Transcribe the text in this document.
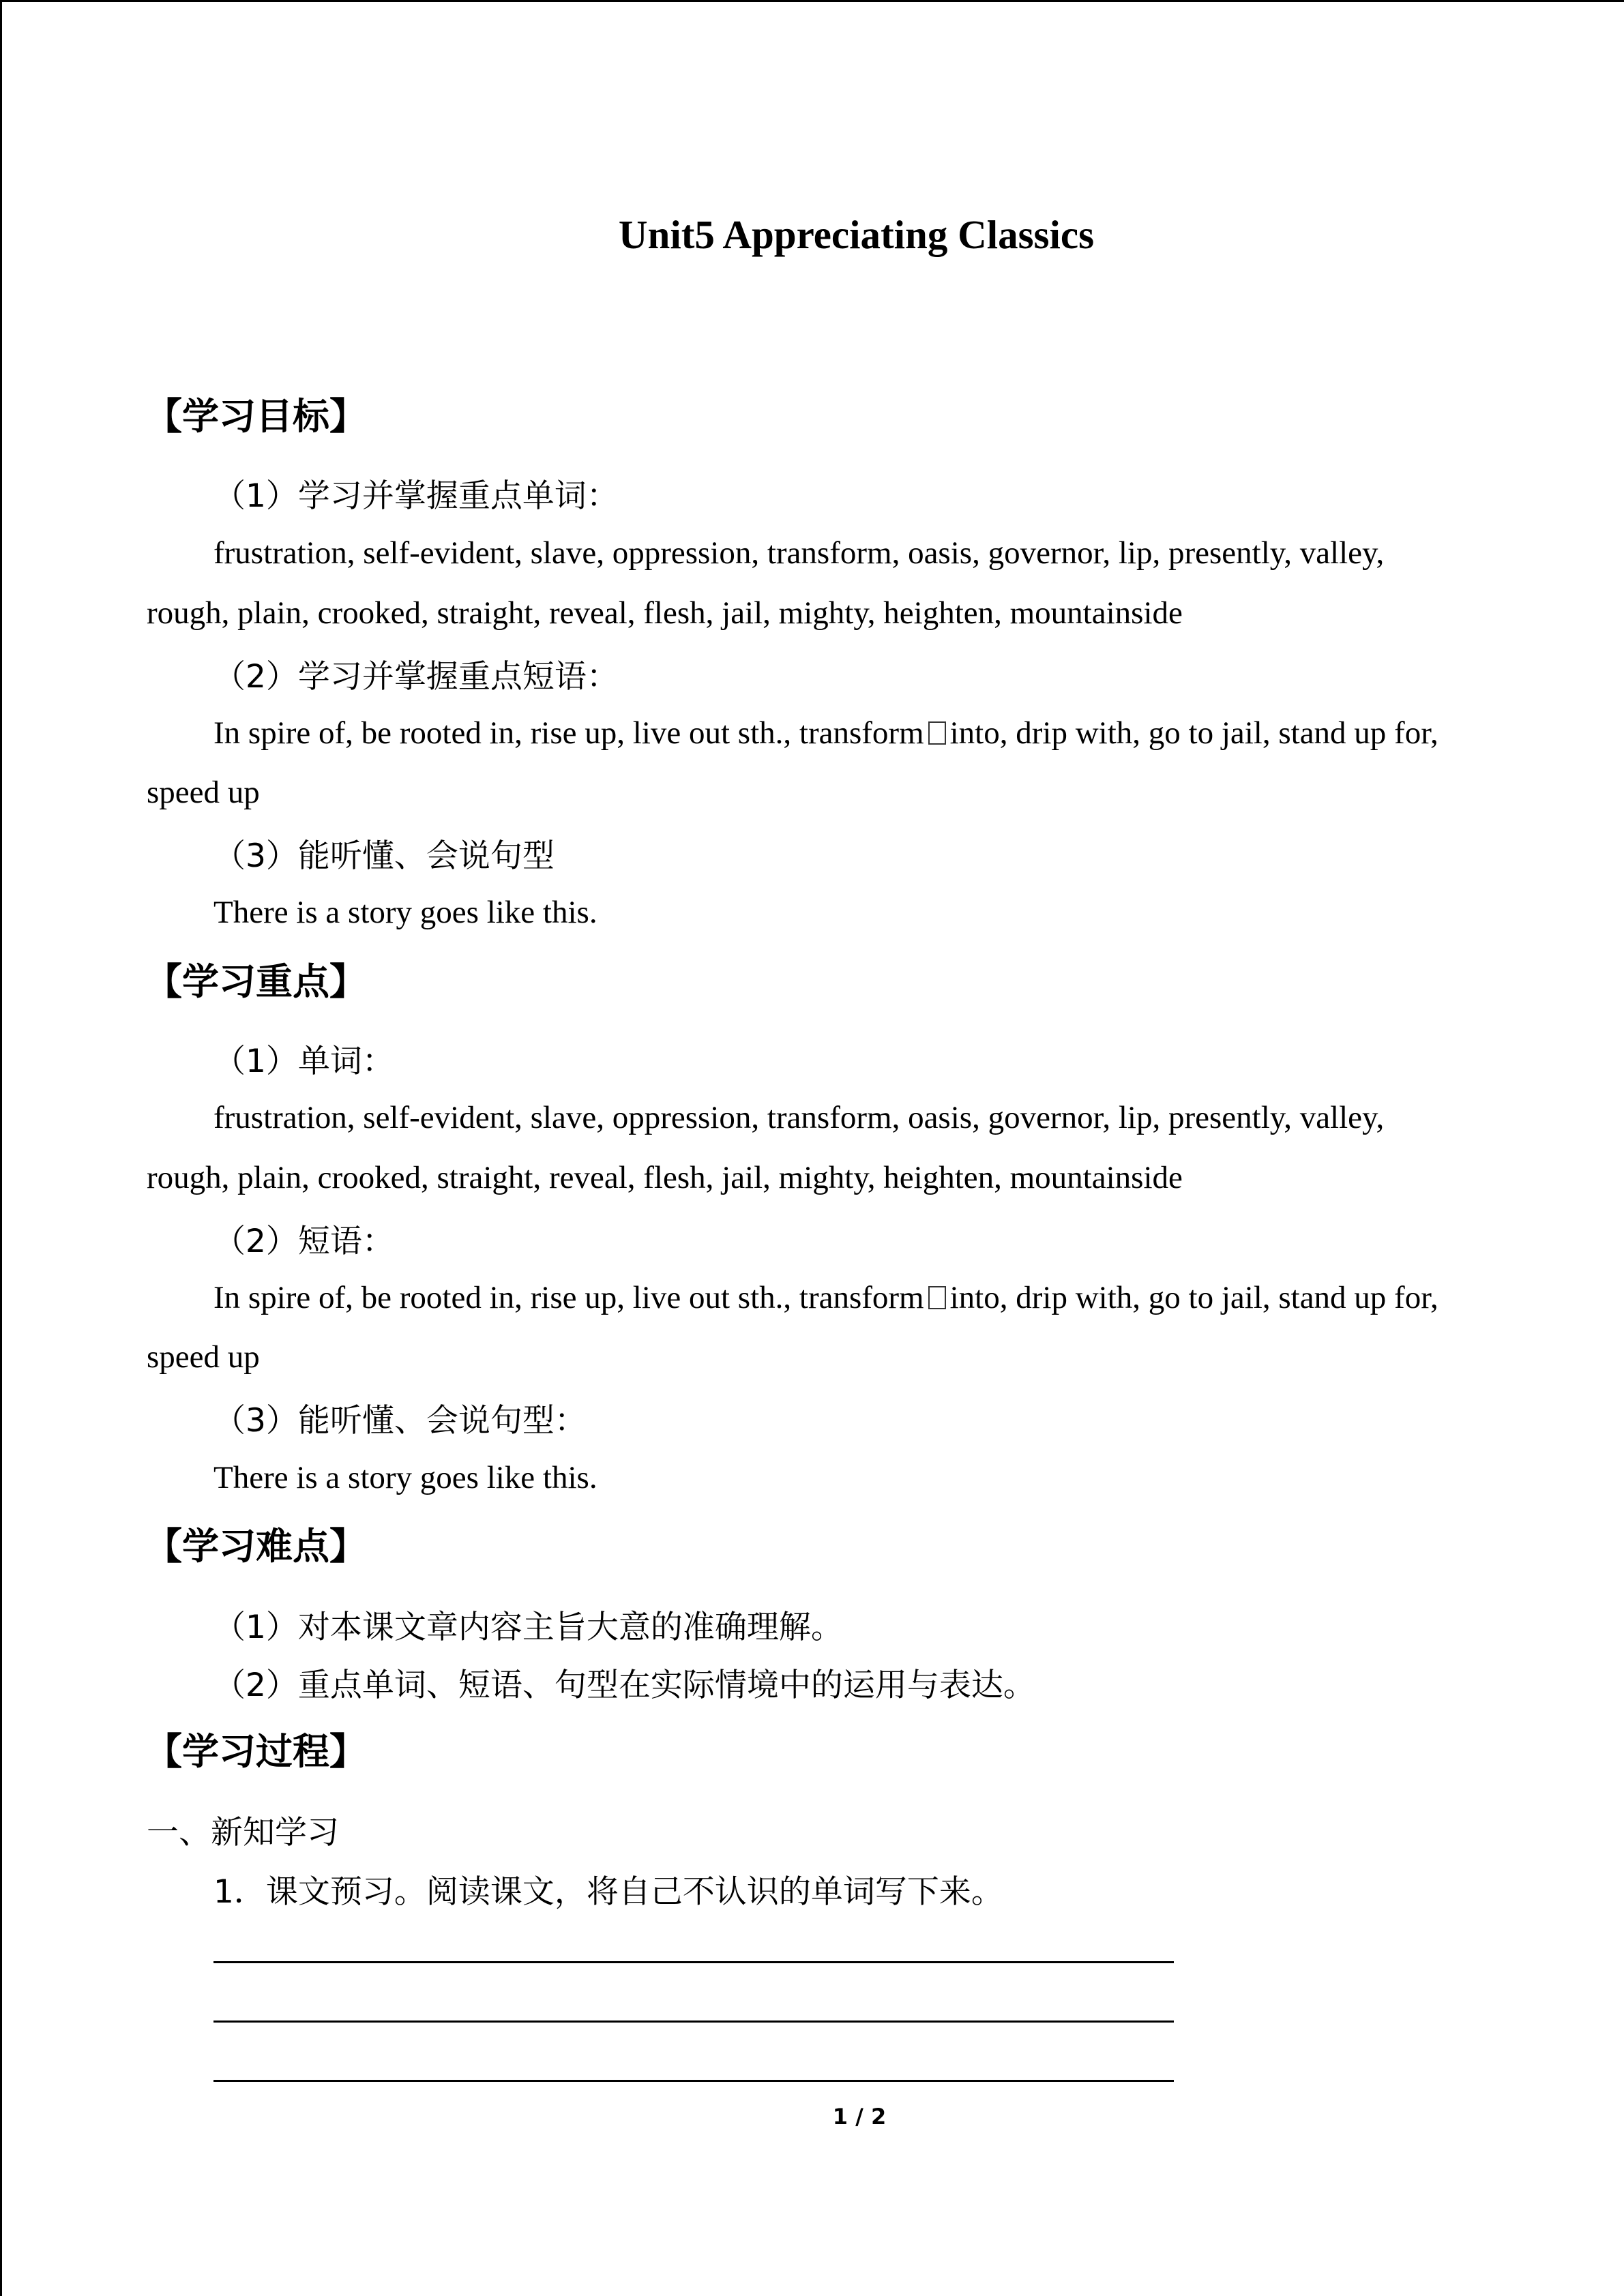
Unit5 Appreciating Classics
【学习目标】
（1）学习并掌握重点单词：
frustration, self-evident, slave, oppression, transform, oasis, governor, lip, presently, valley,
rough, plain, crooked, straight, reveal, flesh, jail, mighty, heighten, mountainside
（2）学习并掌握重点短语：
In spire of, be rooted in, rise up, live out sth., transform into, drip with, go to jail, stand up for,
speed up
（3）能听懂、会说句型
There is a story goes like this.
【学习重点】
（1）单词：
frustration, self-evident, slave, oppression, transform, oasis, governor, lip, presently, valley,
rough, plain, crooked, straight, reveal, flesh, jail, mighty, heighten, mountainside
（2）短语：
In spire of, be rooted in, rise up, live out sth., transform into, drip with, go to jail, stand up for,
speed up
（3）能听懂、会说句型：
There is a story goes like this.
【学习难点】
（1）对本课文章内容主旨大意的准确理解。
（2）重点单词、短语、句型在实际情境中的运用与表达。
【学习过程】
一、新知学习
1．课文预习。阅读课文，将自己不认识的单词写下来。
1 / 2
